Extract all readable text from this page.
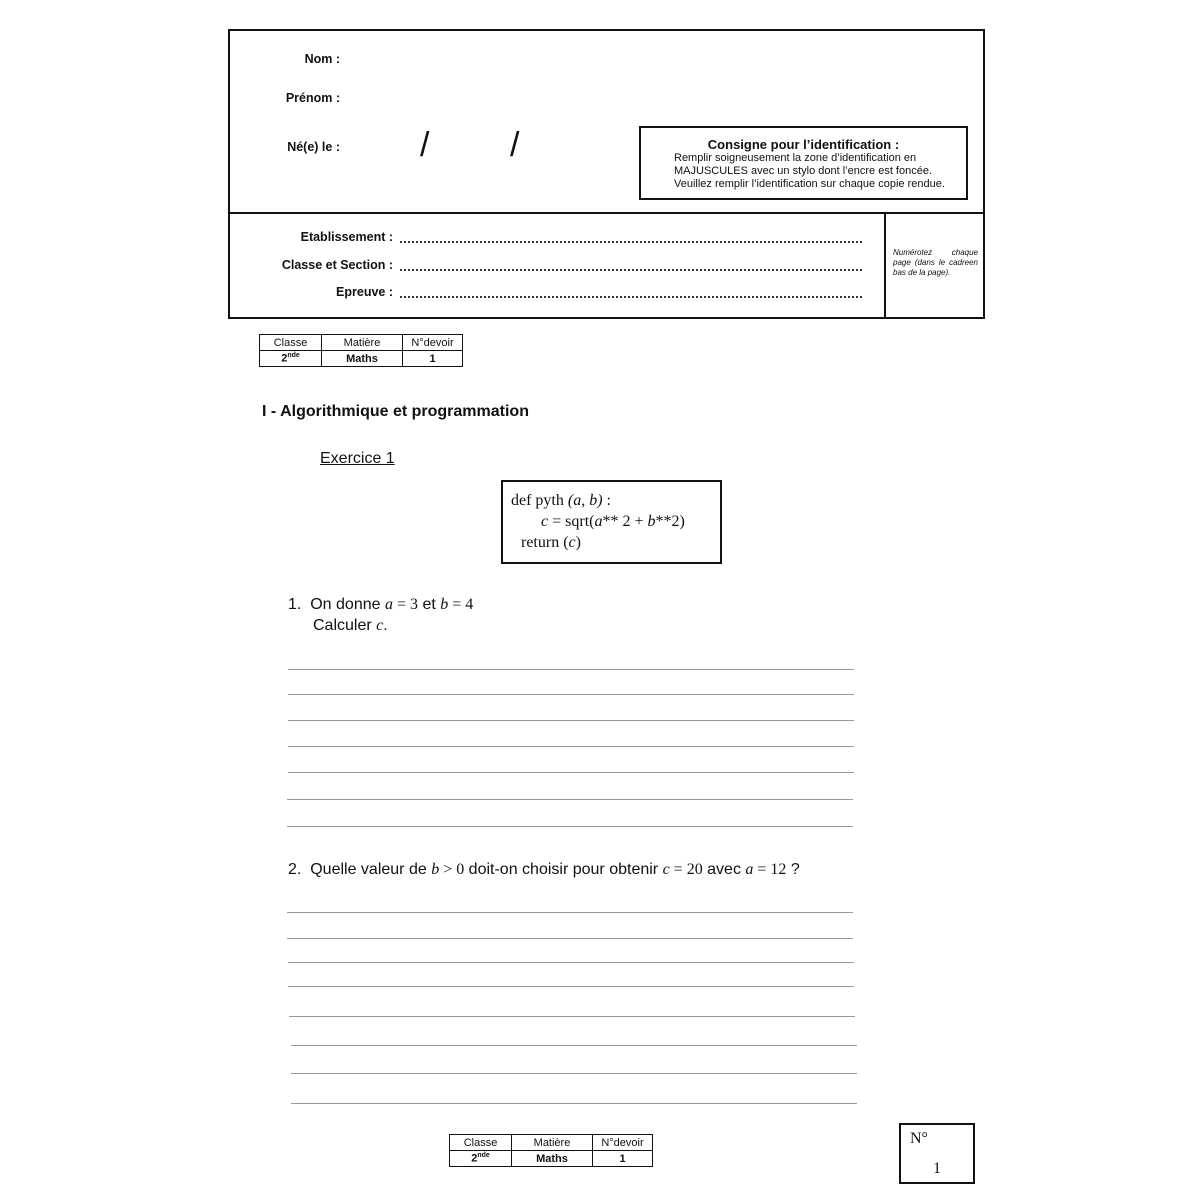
Nom :
Prénom :
Né(e) le : / /	Consigne pour l’identification :
Remplir soigneusement la zone d’identification en
MAJUSCULES avec un stylo dont l’encre est foncée.
Veuillez remplir l’identification sur chaque copie rendue.
Etablissement :
Classe et Section :
Epreuve :
Numérotez chaque page (dans le cadreen bas de la page).
Classe	Matière	N°devoir
2nde	Maths	1
I - Algorithmique et programmation
Exercice 1
def pyth (a, b) :
c = sqrt(a** 2 + b**2)
return (c)
1. On donne a = 3 et b = 4
Calculer c.
2. Quelle valeur de b > 0 doit-on choisir pour obtenir c = 20 avec a = 12 ?
Classe	Matière	N°devoir
2nde	Maths	1
N°
1
